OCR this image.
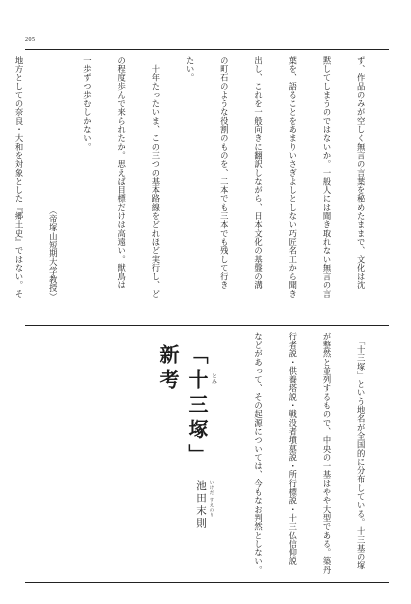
205

ず、作品のみが空しく無言の言葉を秘めたままで、文化は沈

黙してしまうのではないか。一般人には聞き取れない無言の言

葉を、語ることをあまりいさぎよしとしない巧匠名工から聞き

出し、これを一般向きに翻訳しながら、日本文化の基盤の溝

の町石のような役割のものを、二本でも三本でも残して行き

たい。

　十年たったいま、この三つの基本路線をどれほど実行し、ど

の程度歩んで来られたか。思えば目標だけは高遠い。獣鳥は

一歩ずつ歩むしかない。

（帝塚山短期大学教授）

地方としての奈良・大和を対象とした『郷土史』ではない。そ

　「十三塚」という地名が全国的に分布している。十三基の塚

が整然と並列するもので、中央の一基はやや大型である。築丹

行者説・供養塔説・戦没者墳墓説・所行標説・十三仏信仰説

などがあって、その起源については、今もなお判然としない。

「十三塚」新考	とみ
いけだ すえのり
池田末則
